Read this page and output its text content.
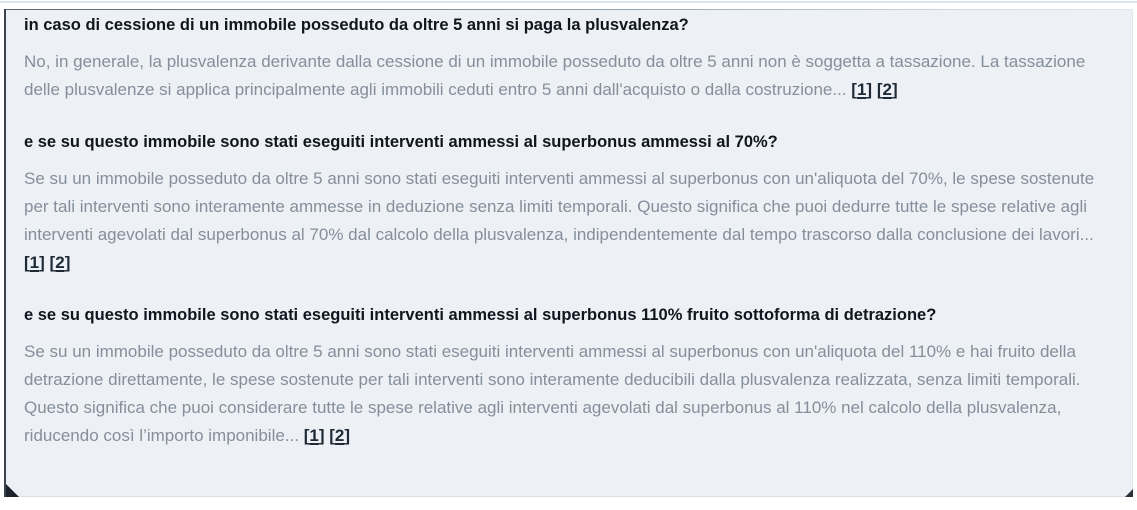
in caso di cessione di un immobile posseduto da oltre 5 anni si paga la plusvalenza?

No, in generale, la plusvalenza derivante dalla cessione di un immobile posseduto da oltre 5 anni non è soggetta a tassazione. La tassazione delle plusvalenze si applica principalmente agli immobili ceduti entro 5 anni dall'acquisto o dalla costruzione... [1] [2]

e se su questo immobile sono stati eseguiti interventi ammessi al superbonus ammessi al 70%?

Se su un immobile posseduto da oltre 5 anni sono stati eseguiti interventi ammessi al superbonus con un'aliquota del 70%, le spese sostenute per tali interventi sono interamente ammesse in deduzione senza limiti temporali. Questo significa che puoi dedurre tutte le spese relative agli interventi agevolati dal superbonus al 70% dal calcolo della plusvalenza, indipendentemente dal tempo trascorso dalla conclusione dei lavori... [1] [2]

e se su questo immobile sono stati eseguiti interventi ammessi al superbonus 110% fruito sottoforma di detrazione?

Se su un immobile posseduto da oltre 5 anni sono stati eseguiti interventi ammessi al superbonus con un'aliquota del 110% e hai fruito della detrazione direttamente, le spese sostenute per tali interventi sono interamente deducibili dalla plusvalenza realizzata, senza limiti temporali. Questo significa che puoi considerare tutte le spese relative agli interventi agevolati dal superbonus al 110% nel calcolo della plusvalenza, riducendo così l’importo imponibile... [1] [2]
